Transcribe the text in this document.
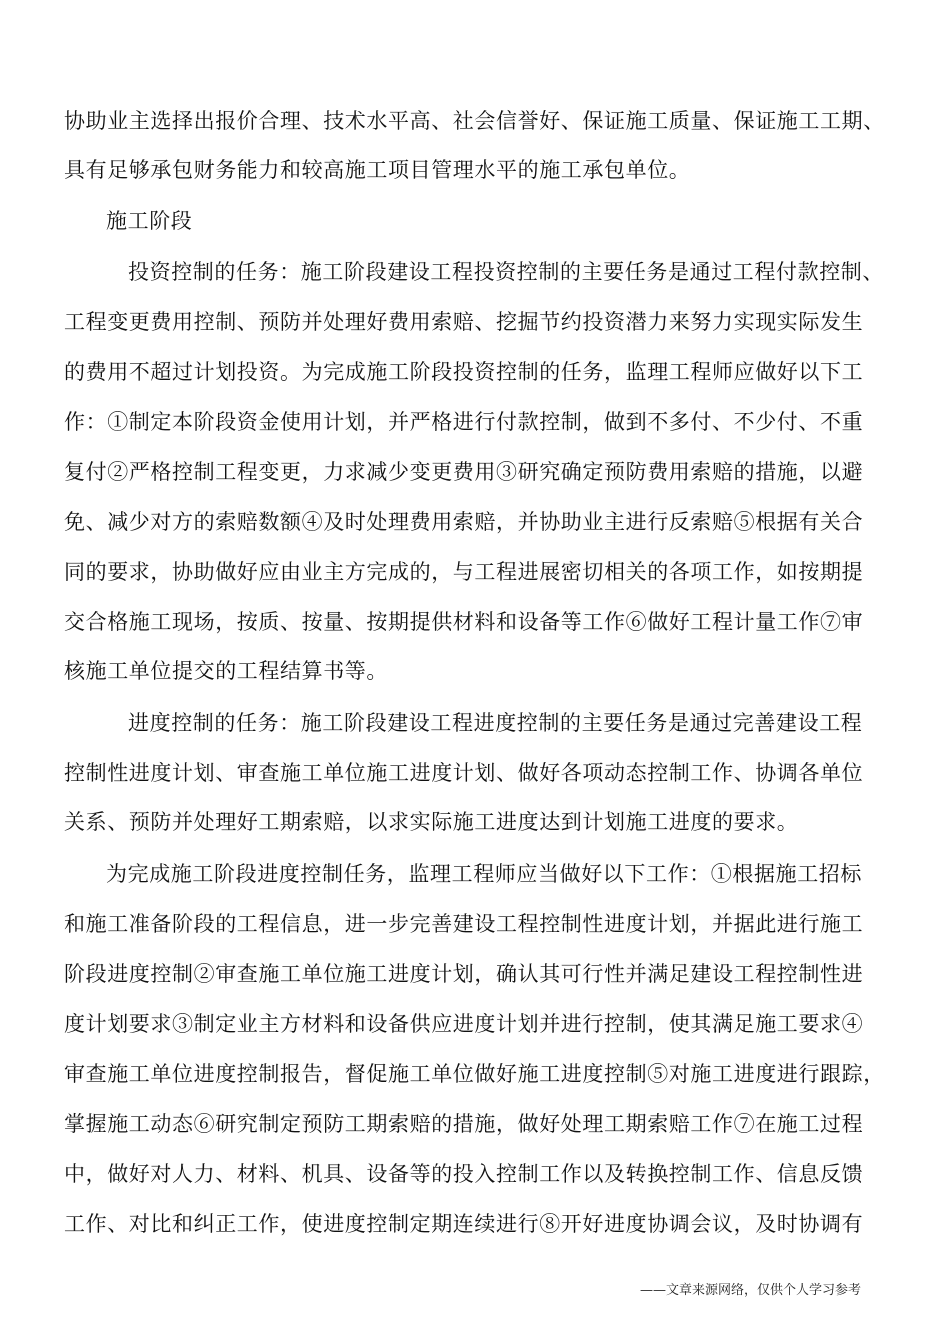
协助业主选择出报价合理、技术水平高、社会信誉好、保证施工质量、保证施工工期、
具有足够承包财务能力和较高施工项目管理水平的施工承包单位。
施工阶段
投资控制的任务：施工阶段建设工程投资控制的主要任务是通过工程付款控制、
工程变更费用控制、预防并处理好费用索赔、挖掘节约投资潜力来努力实现实际发生
的费用不超过计划投资。为完成施工阶段投资控制的任务，监理工程师应做好以下工
作：①制定本阶段资金使用计划，并严格进行付款控制，做到不多付、不少付、不重
复付②严格控制工程变更，力求减少变更费用③研究确定预防费用索赔的措施，以避
免、减少对方的索赔数额④及时处理费用索赔，并协助业主进行反索赔⑤根据有关合
同的要求，协助做好应由业主方完成的，与工程进展密切相关的各项工作，如按期提
交合格施工现场，按质、按量、按期提供材料和设备等工作⑥做好工程计量工作⑦审
核施工单位提交的工程结算书等。
进度控制的任务：施工阶段建设工程进度控制的主要任务是通过完善建设工程
控制性进度计划、审查施工单位施工进度计划、做好各项动态控制工作、协调各单位
关系、预防并处理好工期索赔，以求实际施工进度达到计划施工进度的要求。
为完成施工阶段进度控制任务，监理工程师应当做好以下工作：①根据施工招标
和施工准备阶段的工程信息，进一步完善建设工程控制性进度计划，并据此进行施工
阶段进度控制②审查施工单位施工进度计划，确认其可行性并满足建设工程控制性进
度计划要求③制定业主方材料和设备供应进度计划并进行控制，使其满足施工要求④
审查施工单位进度控制报告，督促施工单位做好施工进度控制⑤对施工进度进行跟踪，
掌握施工动态⑥研究制定预防工期索赔的措施，做好处理工期索赔工作⑦在施工过程
中，做好对人力、材料、机具、设备等的投入控制工作以及转换控制工作、信息反馈
工作、对比和纠正工作，使进度控制定期连续进行⑧开好进度协调会议，及时协调有
——文章来源网络，仅供个人学习参考
